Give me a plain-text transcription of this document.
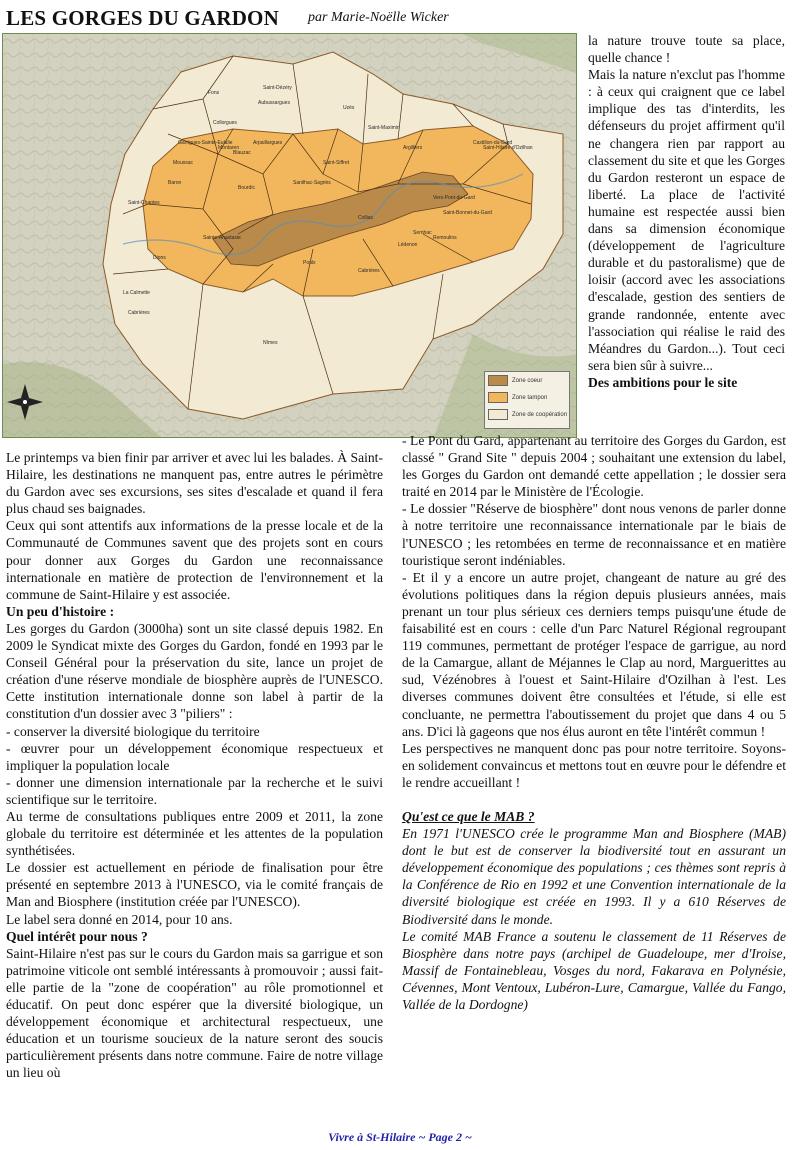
LES GORGES DU GARDON par Marie-Noëlle Wicker
Lédenon
Cabrières
Poulx
Dions
Sainte-Anastasie
Sanilhac-Sagriès
Collias
Vers-Pont-du-Gard
Castillon-du-Gard
Saint-Hilaire-d'Ozilhan
Saint-Bonnet-du-Gard
Argilliers
Saint-Chaptes
Moussac
Bourdic
Blauzac
La Calmette
Garrigues-Sainte-Eulalie
Saint-Siffret
Uzès
Nîmes
Saint-Maximin
Aubussargues
Collorgues
Baron
Montaren
Arpaillargues
Saint-Dézéry
Fons
Sernhac
Remoulins
Cabrières
Zone coeur
Zone tampon
Zone de coopération

la nature trouve toute sa place, quelle chance !

Mais la nature n'exclut pas l'homme : à ceux qui craignent que ce label implique des tas d'interdits, les défenseurs du projet affirment qu'il ne changera rien par rapport au classement du site et que les Gorges du Gardon resteront un espace de liberté. La place de l'activité humaine est respectée aussi bien dans sa dimension économique (développement de l'agriculture durable et du pastoralisme) que de loisir (accord avec les associations d'escalade, gestion des sentiers de grande randonnée, entente avec l'association qui réalise le raid des Méandres du Gardon...). Tout ceci sera bien sûr à suivre...

Des ambitions pour le site

Le printemps va bien finir par arriver et avec lui les balades. À Saint-Hilaire, les destinations ne manquent pas, entre autres le périmètre du Gardon avec ses excursions, ses sites d'escalade et quand il fera plus chaud ses baignades.

Ceux qui sont attentifs aux informations de la presse locale et de la Communauté de Communes savent que des projets sont en cours pour donner aux Gorges du Gardon une reconnaissance internationale en matière de protection de l'environnement et la commune de Saint-Hilaire y est associée.

Un peu d'histoire :

Les gorges du Gardon (3000ha) sont un site classé depuis 1982. En 2009 le Syndicat mixte des Gorges du Gardon, fondé en 1993 par le Conseil Général pour la préservation du site, lance un projet de création d'une réserve mondiale de biosphère auprès de l'UNESCO. Cette institution internationale donne son label à partir de la constitution d'un dossier avec 3 "piliers" :

- conserver la diversité biologique du territoire

- œuvrer pour un développement économique respectueux et impliquer la population locale

- donner une dimension internationale par la recherche et le suivi scientifique sur le territoire.

Au terme de consultations publiques entre 2009 et 2011, la zone globale du territoire est déterminée et les attentes de la population synthétisées.

Le dossier est actuellement en période de finalisation pour être présenté en septembre 2013 à l'UNESCO, via le comité français de Man and Biosphere (institution créée par l'UNESCO).

Le label sera donné en 2014, pour 10 ans.

Quel intérêt pour nous ?

Saint-Hilaire n'est pas sur le cours du Gardon mais sa garrigue et son patrimoine viticole ont semblé intéressants à promouvoir ; aussi fait-elle partie de la "zone de coopération" au rôle promotionnel et éducatif. On peut donc espérer que la diversité biologique, un développement économique et architectural respectueux, une éducation et un tourisme soucieux de la nature seront des soucis particulièrement présents dans notre commune. Faire de notre village un lieu où

- Le Pont du Gard, appartenant au territoire des Gorges du Gardon, est classé " Grand Site " depuis 2004 ; souhaitant une extension du label, les Gorges du Gardon ont demandé cette appellation ; le dossier sera traité en 2014 par le Ministère de l'Écologie.

- Le dossier "Réserve de biosphère" dont nous venons de parler donne à notre territoire une reconnaissance internationale par le biais de l'UNESCO ; les retombées en terme de reconnaissance et en matière touristique seront indéniables.

- Et il y a encore un autre projet, changeant de nature au gré des évolutions politiques dans la région depuis plusieurs années, mais prenant un tour plus sérieux ces derniers temps puisqu'une étude de faisabilité est en cours : celle d'un Parc Naturel Régional regroupant 119 communes, permettant de protéger l'espace de garrigue, au nord de la Camargue, allant de Méjannes le Clap au nord, Marguerittes au sud, Vézénobres à l'ouest et Saint-Hilaire d'Ozilhan à l'est. Les diverses communes doivent être consultées et l'étude, si elle est concluante, ne permettra l'aboutissement du projet que dans 4 ou 5 ans. D'ici là gageons que nos élus auront en tête l'intérêt commun !

Les perspectives ne manquent donc pas pour notre territoire. Soyons-en solidement convaincus et mettons tout en œuvre pour le défendre et le rendre accueillant !

Qu'est ce que le MAB ?

En 1971 l'UNESCO crée le programme Man and Biosphere (MAB) dont le but est de conserver la biodiversité tout en assurant un développement économique des populations ; ces thèmes sont repris à la Conférence de Rio en 1992 et une Convention internationale de la diversité biologique est créée en 1993. Il y a 610 Réserves de Biodiversité dans le monde.

Le comité MAB France a soutenu le classement de 11 Réserves de Biosphère dans notre pays (archipel de Guadeloupe, mer d'Iroise, Massif de Fontainebleau, Vosges du nord, Fakarava en Polynésie, Cévennes, Mont Ventoux, Lubéron-Lure, Camargue, Vallée du Fango, Vallée de la Dordogne)

Vivre à St-Hilaire ~ Page 2 ~
